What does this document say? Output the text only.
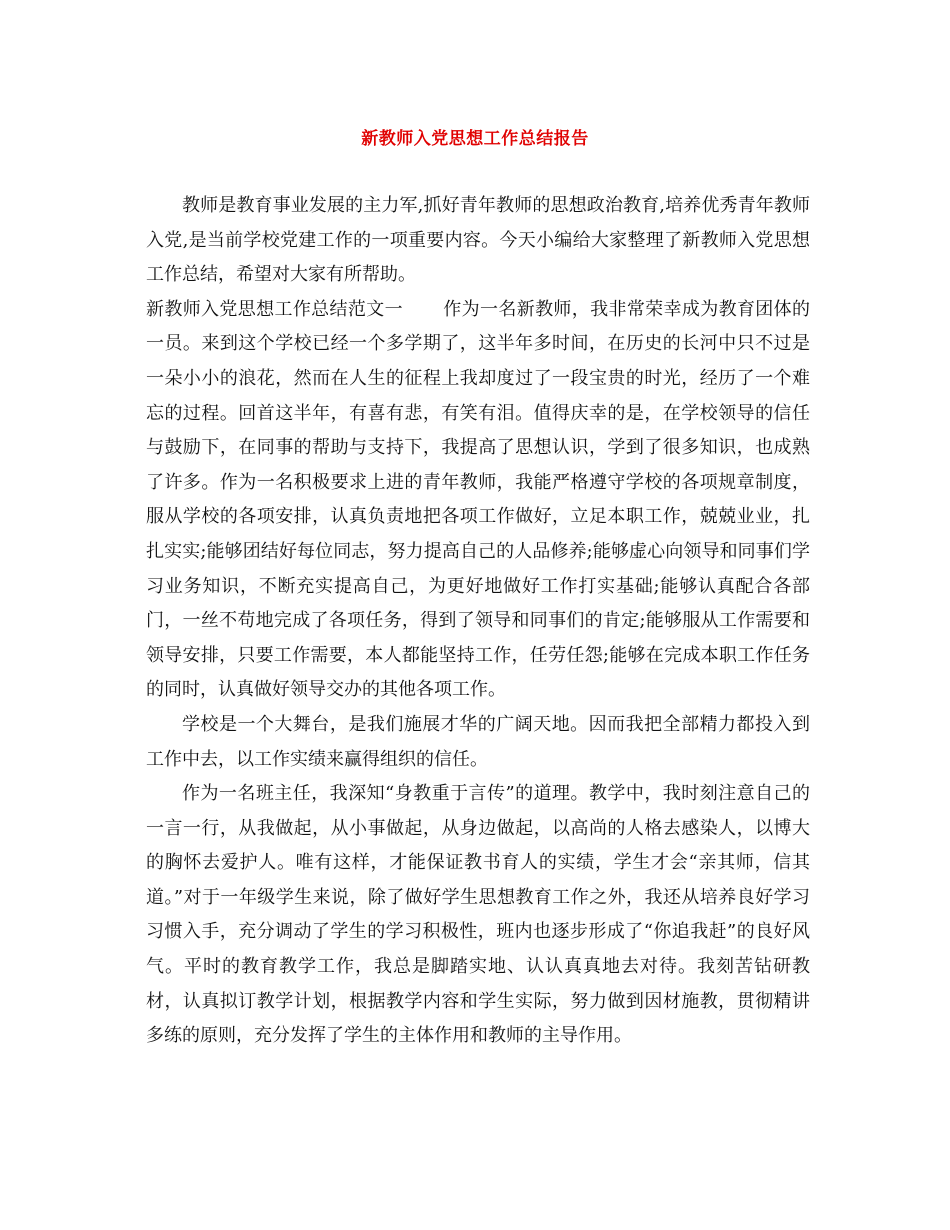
新教师入党思想工作总结报告

教师是教育事业发展的主力军,抓好青年教师的思想政治教育,培养优秀青年教师入党,是当前学校党建工作的一项重要内容。今天小编给大家整理了新教师入党思想工作总结，希望对大家有所帮助。

新教师入党思想工作总结范文一 作为一名新教师，我非常荣幸成为教育团体的一员。来到这个学校已经一个多学期了，这半年多时间，在历史的长河中只不过是一朵小小的浪花，然而在人生的征程上我却度过了一段宝贵的时光，经历了一个难忘的过程。回首这半年，有喜有悲，有笑有泪。值得庆幸的是，在学校领导的信任与鼓励下，在同事的帮助与支持下，我提高了思想认识，学到了很多知识，也成熟了许多。作为一名积极要求上进的青年教师，我能严格遵守学校的各项规章制度，服从学校的各项安排，认真负责地把各项工作做好，立足本职工作，兢兢业业，扎扎实实;能够团结好每位同志，努力提高自己的人品修养;能够虚心向领导和同事们学习业务知识，不断充实提高自己，为更好地做好工作打实基础;能够认真配合各部门，一丝不苟地完成了各项任务，得到了领导和同事们的肯定;能够服从工作需要和领导安排，只要工作需要，本人都能坚持工作，任劳任怨;能够在完成本职工作任务的同时，认真做好领导交办的其他各项工作。

学校是一个大舞台，是我们施展才华的广阔天地。因而我把全部精力都投入到工作中去，以工作实绩来赢得组织的信任。

作为一名班主任，我深知“身教重于言传”的道理。教学中，我时刻注意自己的一言一行，从我做起，从小事做起，从身边做起，以高尚的人格去感染人，以博大的胸怀去爱护人。唯有这样，才能保证教书育人的实绩，学生才会“亲其师，信其道。”对于一年级学生来说，除了做好学生思想教育工作之外，我还从培养良好学习习惯入手，充分调动了学生的学习积极性，班内也逐步形成了“你追我赶”的良好风气。平时的教育教学工作，我总是脚踏实地、认认真真地去对待。我刻苦钻研教材，认真拟订教学计划，根据教学内容和学生实际，努力做到因材施教，贯彻精讲多练的原则，充分发挥了学生的主体作用和教师的主导作用。
